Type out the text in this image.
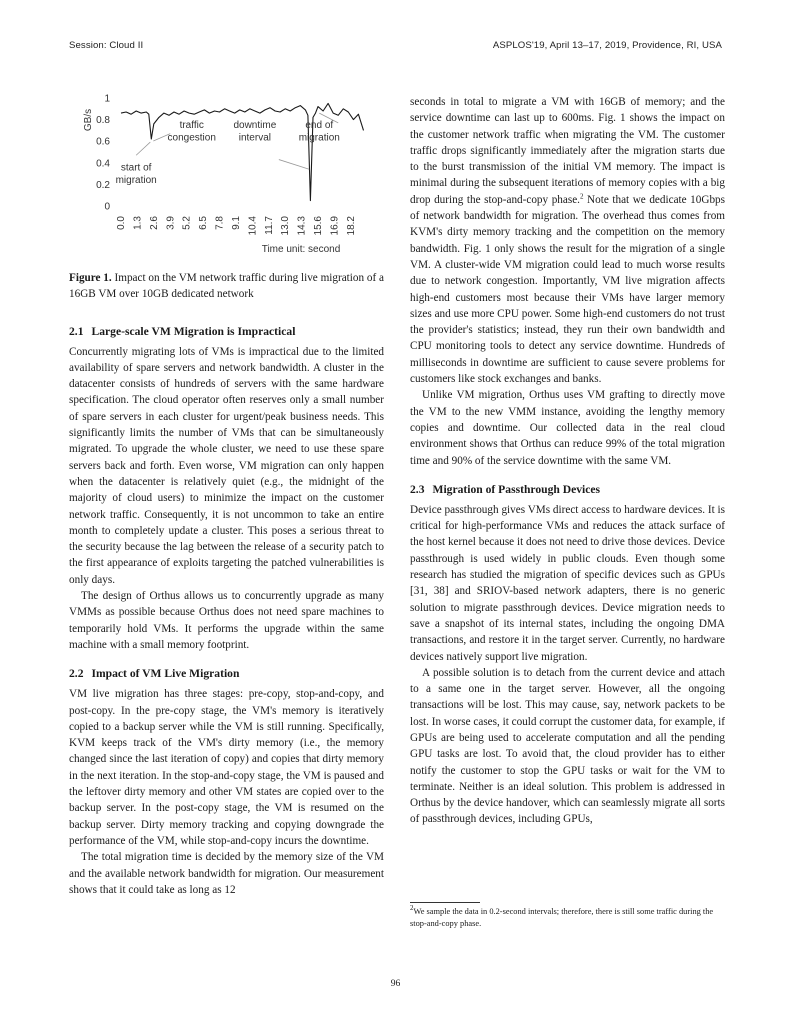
Session: Cloud II	ASPLOS'19, April 13–17, 2019, Providence, RI, USA
0
0.2
0.4
0.6
0.8
1
0.0 1.3 2.6 3.9 5.2 6.5 7.8 9.1 10.4 11.7 13.0 14.3 15.6 16.9 18.2
traffic
congestion
downtime
interval
end of
migration
start of
migration
GB/s
Time unit: second
Figure 1. Impact on the VM network traffic during live migration of a 16GB VM over 10GB dedicated network
2.1 Large-scale VM Migration is Impractical

Concurrently migrating lots of VMs is impractical due to the limited availability of spare servers and network bandwidth. A cluster in the datacenter consists of hundreds of servers with the same hardware specification. The cloud operator often reserves only a small number of spare servers in each cluster for urgent/peak business needs. This significantly limits the number of VMs that can be simultaneously migrated. To upgrade the whole cluster, we need to use these spare servers back and forth. Even worse, VM migration can only happen when the datacenter is relatively quiet (e.g., the midnight of the majority of cloud users) to minimize the impact on the customer network traffic. Consequently, it is not uncommon to take an entire month to completely update a cluster. This poses a serious threat to the security because the lag between the release of a security patch to the first appearance of exploits targeting the patched vulnerabilities is only days.

The design of Orthus allows us to concurrently upgrade as many VMMs as possible because Orthus does not need spare machines to temporarily hold VMs. It performs the upgrade within the same machine with a small memory footprint.

2.2 Impact of VM Live Migration

VM live migration has three stages: pre-copy, stop-and-copy, and post-copy. In the pre-copy stage, the VM's memory is iteratively copied to a backup server while the VM is still running. Specifically, KVM keeps track of the VM's dirty memory (i.e., the memory changed since the last iteration of copy) and copies that dirty memory in the next iteration. In the stop-and-copy stage, the VM is paused and the leftover dirty memory and other VM states are copied over to the backup server. In the post-copy stage, the VM is resumed on the backup server. Dirty memory tracking and copying downgrade the performance of the VM, while stop-and-copy incurs the downtime.

The total migration time is decided by the memory size of the VM and the available network bandwidth for migration. Our measurement shows that it could take as long as 12

seconds in total to migrate a VM with 16GB of memory; and the service downtime can last up to 600ms. Fig. 1 shows the impact on the customer network traffic when migrating the VM. The customer traffic drops significantly immediately after the migration starts due to the burst transmission of the initial VM memory. The impact is minimal during the subsequent iterations of memory copies with a big drop during the stop-and-copy phase.$^2$ Note that we dedicate 10Gbps of network bandwidth for migration. The overhead thus comes from KVM's dirty memory tracking and the competition on the memory bandwidth. Fig. 1 only shows the result for the migration of a single VM. A cluster-wide VM migration could lead to much worse results due to network congestion. Importantly, VM live migration affects high-end customers most because their VMs have larger memory sizes and use more CPU power. Some high-end customers do not trust the provider's statistics; instead, they run their own bandwidth and CPU monitoring tools to detect any service downtime. Hundreds of milliseconds in downtime are sufficient to cause severe problems for customers like stock exchanges and banks.

Unlike VM migration, Orthus uses VM grafting to directly move the VM to the new VMM instance, avoiding the lengthy memory copies and downtime. Our collected data in the real cloud environment shows that Orthus can reduce 99% of the total migration time and 90% of the service downtime with the same VM.

2.3 Migration of Passthrough Devices

Device passthrough gives VMs direct access to hardware devices. It is critical for high-performance VMs and reduces the attack surface of the host kernel because it does not need to drive those devices. Device passthrough is used widely in public clouds. Even though some research has studied the migration of specific devices such as GPUs [31, 38] and SRIOV-based network adapters, there is no generic solution to migrate passthrough devices. Device migration needs to save a snapshot of its internal states, including the ongoing DMA transactions, and restore it in the target server. Currently, no hardware devices natively support live migration.

A possible solution is to detach from the current device and attach to a same one in the target server. However, all the ongoing transactions will be lost. This may cause, say, network packets to be lost. In worse cases, it could corrupt the customer data, for example, if GPUs are being used to accelerate computation and all the pending GPU tasks are lost. To avoid that, the cloud provider has to either notify the customer to stop the GPU tasks or wait for the VM to terminate. Neither is an ideal solution. This problem is addressed in Orthus by the device handover, which can seamlessly migrate all sorts of passthrough devices, including GPUs,

$^2$We sample the data in 0.2-second intervals; therefore, there is still some traffic during the stop-and-copy phase.

96
